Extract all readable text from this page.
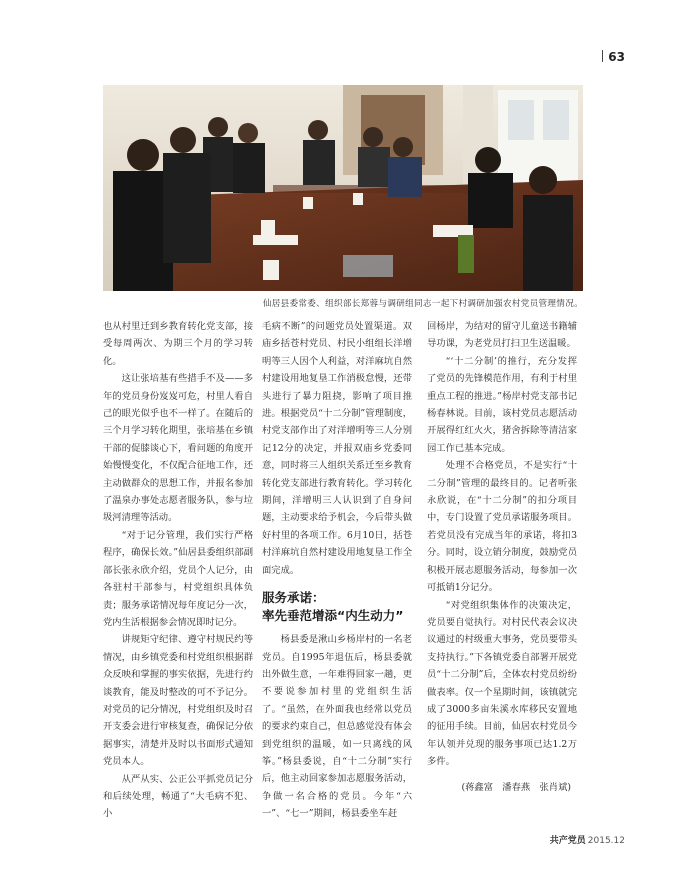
63
仙居县委常委、组织部长郑蓉与调研组同志一起下村调研加强农村党员管理情况。

也从村里迁到乡教育转化党支部，接受每周两次、为期三个月的学习转化。

这让张培基有些措手不及——多年的党员身份岌岌可危，村里人看自己的眼光似乎也不一样了。在随后的三个月学习转化期里，张培基在乡镇干部的促膝谈心下，看问题的角度开始慢慢变化，不仅配合征地工作，还主动做群众的思想工作，并报名参加了温泉办事处志愿者服务队，参与垃圾河清理等活动。

“对于记分管理，我们实行严格程序，确保长效。”仙居县委组织部副部长张永欣介绍，党员个人记分，由各驻村干部参与，村党组织具体负责；服务承诺情况每年度记分一次，党内生活根据参会情况即时记分。

讲规矩守纪律、遵守村规民约等情况，由乡镇党委和村党组织根据群众反映和掌握的事实依据，先进行约谈教育，能及时整改的可不予记分。对党员的记分情况，村党组织及时召开支委会进行审核复查，确保记分依据事实，清楚并及时以书面形式通知党员本人。

从严从实、公正公平抓党员记分和后续处理，畅通了“大毛病不犯、小

毛病不断”的问题党员处置渠道。双庙乡括苍村党员、村民小组组长洋增明等三人因个人利益，对洋麻坑自然村建设用地复垦工作消极怠慢，还带头进行了暴力阻挠，影响了项目推进。根据党员“十二分制”管理制度，村党支部作出了对洋增明等三人分别记12分的决定，并报双庙乡党委同意，同时将三人组织关系迁至乡教育转化党支部进行教育转化。学习转化期间，洋增明三人认识到了自身问题，主动要求给予机会，今后带头做好村里的各项工作。6月10日，括苍村洋麻坑自然村建设用地复垦工作全面完成。

服务承诺：
率先垂范增添“内生动力”

杨县委是湫山乡杨岸村的一名老党员。自1995年退伍后，杨县委就出外做生意，一年难得回家一趟，更不要说参加村里的党组织生活了。“虽然，在外面我也经常以党员的要求约束自己，但总感觉没有体会到党组织的温暖，如一只离线的风筝。”杨县委说，自“十二分制”实行后，他主动回家参加志愿服务活动，争做一名合格的党员。今年“六一”、“七一”期间，杨县委坐车赶

回杨岸，为结对的留守儿童送书籍辅导功课，为老党员打扫卫生送温暖。

“‘十二分制’的推行，充分发挥了党员的先锋模范作用，有利于村里重点工程的推进。”杨岸村党支部书记杨春林说。目前，该村党员志愿活动开展得红红火火，猪舍拆除等清洁家园工作已基本完成。

处理不合格党员，不是实行“十二分制”管理的最终目的。记者听张永欣说，在“十二分制”的扣分项目中，专门设置了党员承诺服务项目。若党员没有完成当年的承诺，将扣3分。同时，设立销分制度，鼓励党员积极开展志愿服务活动，每参加一次可抵销1分记分。

“对党组织集体作的决策决定，党员要自觉执行。对村民代表会议决议通过的村级重大事务，党员要带头支持执行。”下各镇党委自部署开展党员“十二分制”后，全体农村党员纷纷做表率。仅一个星期时间，该镇就完成了3000多亩朱溪水库移民安置地的征用手续。目前，仙居农村党员今年认领并兑现的服务事项已达1.2万多件。

(蒋鑫富　潘春燕　张肖斌)
共产党员 2015.12
